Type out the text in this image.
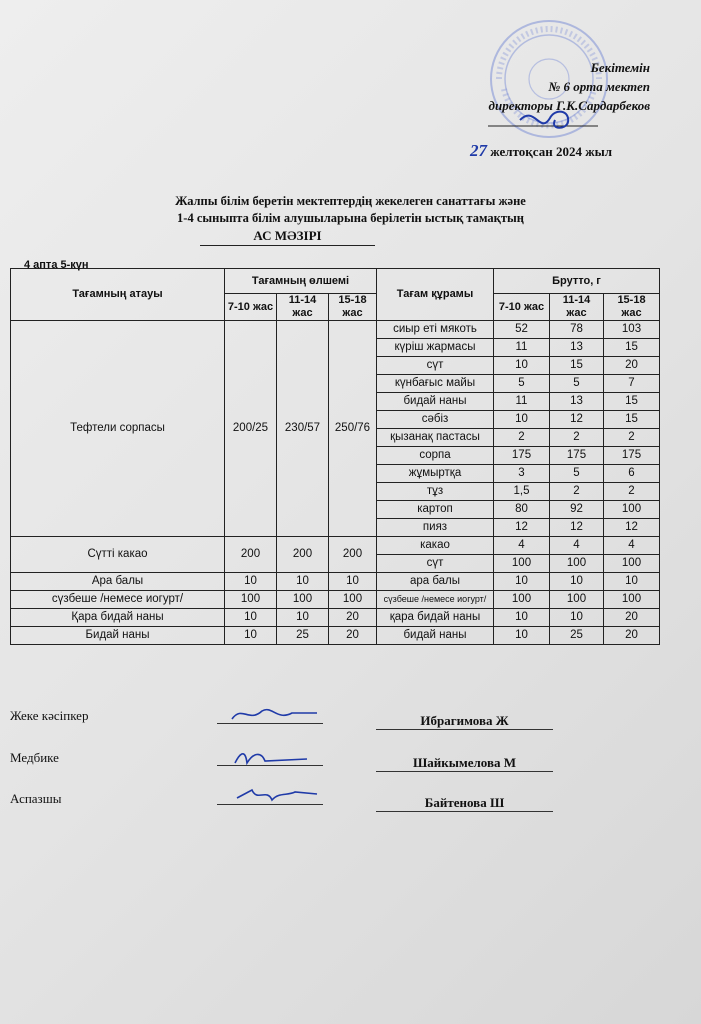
Бекітемін
№ 6 орта мектеп
директоры Г.К.Сардарбеков
27 желтоқсан 2024 жыл
Жалпы білім беретін мектептердің жекелеген санаттағы және
1-4 сыныпта білім алушыларына берілетін ыстық тамақтың
АС МӘЗІРІ
4 апта 5-күн
Тағамның атауы	Тағамның өлшемі			Тағам құрамы	Брутто, г		
	7-10 жас	11-14 жас	15-18 жас		7-10 жас	11-14 жас	15-18 жас

Тефтели сорпасы	200/25	230/57	250/76	сиыр еті мякоть	52	78	103
				күріш жармасы	11	13	15
				сүт	10	15	20
				күнбағыс майы	5	5	7
				бидай наны	11	13	15
				сәбіз	10	12	15
				қызанақ пастасы	2	2	2
				сорпа	175	175	175
				жұмыртқа	3	5	6
				тұз	1,5	2	2
				картоп	80	92	100
				пияз	12	12	12
Сүтті какао	200	200	200	какао	4	4	4
				сүт	100	100	100
Ара балы	10	10	10	ара балы	10	10	10
сүзбеше /немесе иогурт/	100	100	100	сүзбеше /немесе иогурт/	100	100	100
Қара бидай наны	10	10	20	қара бидай наны	10	10	20
Бидай наны	10	25	20	бидай наны	10	25	20
Жеке кәсіпкер	Ибрагимова Ж
Медбике	Шайкымелова М
Аспазшы	Байтенова Ш
